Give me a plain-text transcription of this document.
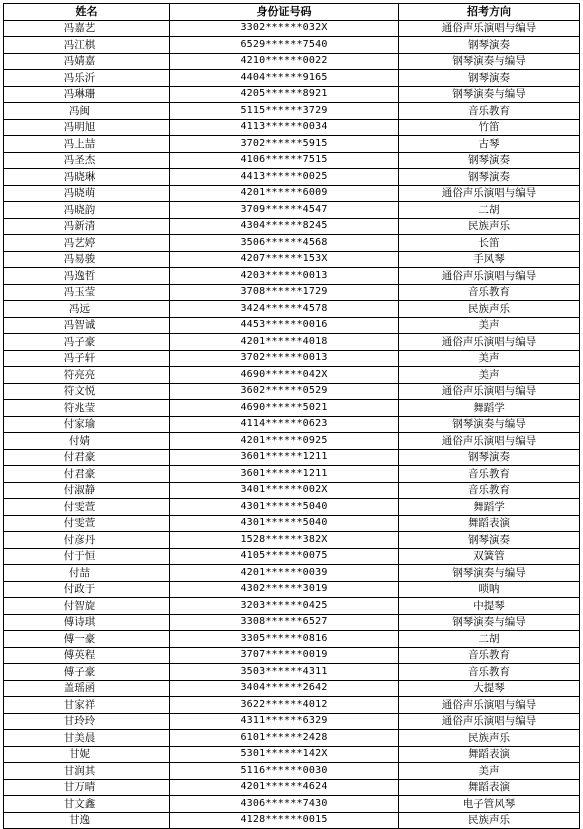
姓名	身份证号码	招考方向
冯嘉艺	3302******032X	通俗声乐演唱与编导
冯江棋	6529******7540	钢琴演奏
冯婧嘉	4210******0022	钢琴演奏与编导
冯乐沂	4404******9165	钢琴演奏
冯琳珊	4205******8921	钢琴演奏与编导
冯闽	5115******3729	音乐教育
冯明旭	4113******0034	竹笛
冯上喆	3702******5915	古琴
冯圣杰	4106******7515	钢琴演奏
冯晓琳	4413******0025	钢琴演奏
冯晓萌	4201******6009	通俗声乐演唱与编导
冯晓韵	3709******4547	二胡
冯新清	4304******8245	民族声乐
冯艺婷	3506******4568	长笛
冯易骏	4207******153X	手风琴
冯逸哲	4203******0013	通俗声乐演唱与编导
冯玉莹	3708******1729	音乐教育
冯远	3424******4578	民族声乐
冯智诚	4453******0016	美声
冯子豪	4201******4018	通俗声乐演唱与编导
冯子轩	3702******0013	美声
符亮亮	4690******042X	美声
符文悦	3602******0529	通俗声乐演唱与编导
符兆莹	4690******5021	舞蹈学
付家瑜	4114******0623	钢琴演奏与编导
付婧	4201******0925	通俗声乐演唱与编导
付君豪	3601******1211	钢琴演奏
付君豪	3601******1211	音乐教育
付淑静	3401******002X	音乐教育
付雯萱	4301******5040	舞蹈学
付雯萱	4301******5040	舞蹈表演
付彦丹	1528******382X	钢琴演奏
付于恒	4105******0075	双簧管
付喆	4201******0039	钢琴演奏与编导
付政于	4302******3019	唢呐
付智旋	3203******0425	中提琴
傅诗琪	3308******6527	钢琴演奏与编导
傅一豪	3305******0816	二胡
傅英程	3707******0019	音乐教育
傅子豪	3503******4311	音乐教育
盖瑶函	3404******2642	大提琴
甘家祥	3622******4012	通俗声乐演唱与编导
甘玲玲	4311******6329	通俗声乐演唱与编导
甘美晨	6101******2428	民族声乐
甘妮	5301******142X	舞蹈表演
甘润其	5116******0030	美声
甘万晴	4201******4624	舞蹈表演
甘文鑫	4306******7430	电子管风琴
甘逸	4128******0015	民族声乐
